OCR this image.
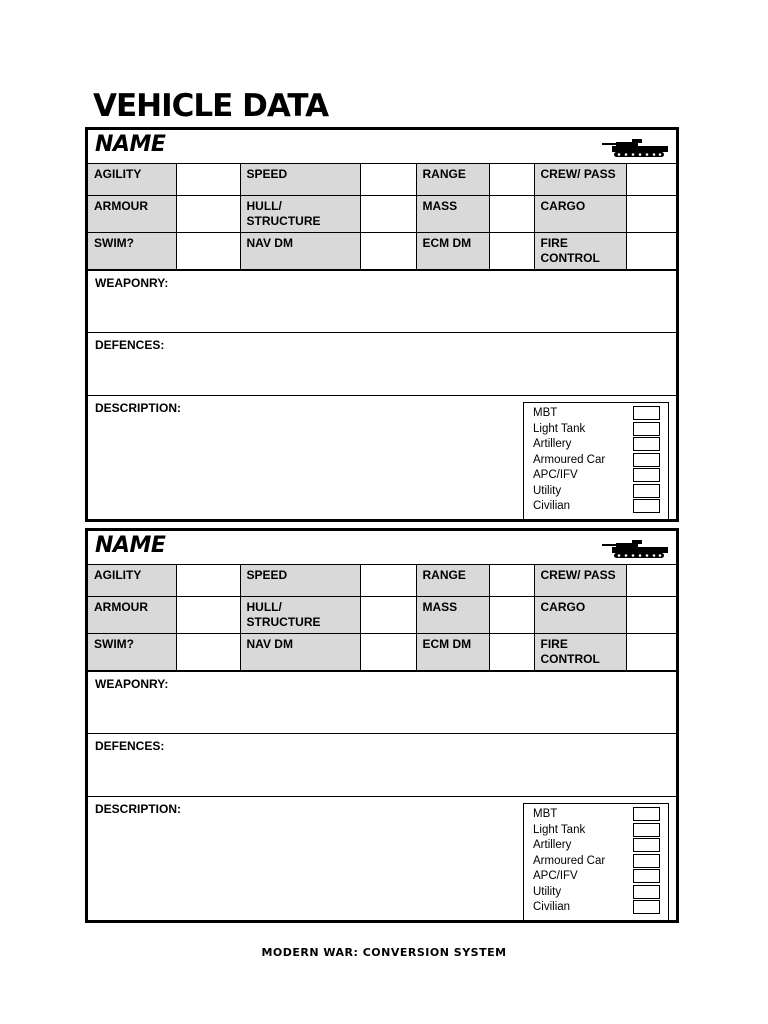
VEHICLE DATA
NAME
AGILITY		SPEED		RANGE		CREW/ PASS	
ARMOUR		HULL/ STRUCTURE		MASS		CARGO	
SWIM?		NAV DM		ECM DM		FIRE CONTROL	
WEAPONRY:
DEFENCES:
DESCRIPTION:	MBT
Light Tank
Artillery
Armoured Car
APC/IFV
Utility
Civilian
NAME
AGILITY		SPEED		RANGE		CREW/ PASS	
ARMOUR		HULL/ STRUCTURE		MASS		CARGO	
SWIM?		NAV DM		ECM DM		FIRE CONTROL	
WEAPONRY:
DEFENCES:
DESCRIPTION:	MBT
Light Tank
Artillery
Armoured Car
APC/IFV
Utility
Civilian
MODERN WAR: CONVERSION SYSTEM
